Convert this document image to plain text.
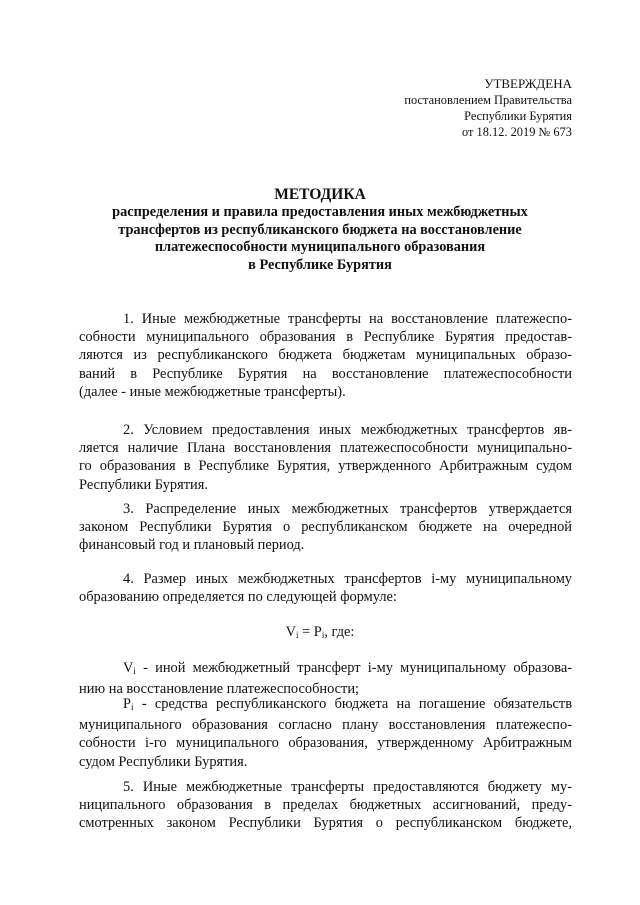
УТВЕРЖДЕНА
постановлением Правительства
Республики Бурятия
от 18.12. 2019 № 673
МЕТОДИКА
распределения и правила предоставления иных межбюджетных
трансфертов из республиканского бюджета на восстановление
платежеспособности муниципального образования
в Республике Бурятия
1. Иные межбюджетные трансферты на восстановление платежеспо-
собности муниципального образования в Республике Бурятия предостав-
ляются из республиканского бюджета бюджетам муниципальных образо-
ваний в Республике Бурятия на восстановление платежеспособности
(далее - иные межбюджетные трансферты).
2. Условием предоставления иных межбюджетных трансфертов яв-
ляется наличие Плана восстановления платежеспособности муниципально-
го образования в Республике Бурятия, утвержденного Арбитражным судом
Республики Бурятия.
3. Распределение иных межбюджетных трансфертов утверждается
законом Республики Бурятия о республиканском бюджете на очередной
финансовый год и плановый период.
4. Размер иных межбюджетных трансфертов i-му муниципальному
образованию определяется по следующей формуле:
$V_i = P_i$, где:
$V_i$ - иной межбюджетный трансферт i-му муниципальному образова-
нию на восстановление платежеспособности;
$P_i$ - средства республиканского бюджета на погашение обязательств
муниципального образования согласно плану восстановления платежеспо-
собности i-го муниципального образования, утвержденному Арбитражным
судом Республики Бурятия.
5. Иные межбюджетные трансферты предоставляются бюджету му-
ниципального образования в пределах бюджетных ассигнований, преду-
смотренных законом Республики Бурятия о республиканском бюджете,
